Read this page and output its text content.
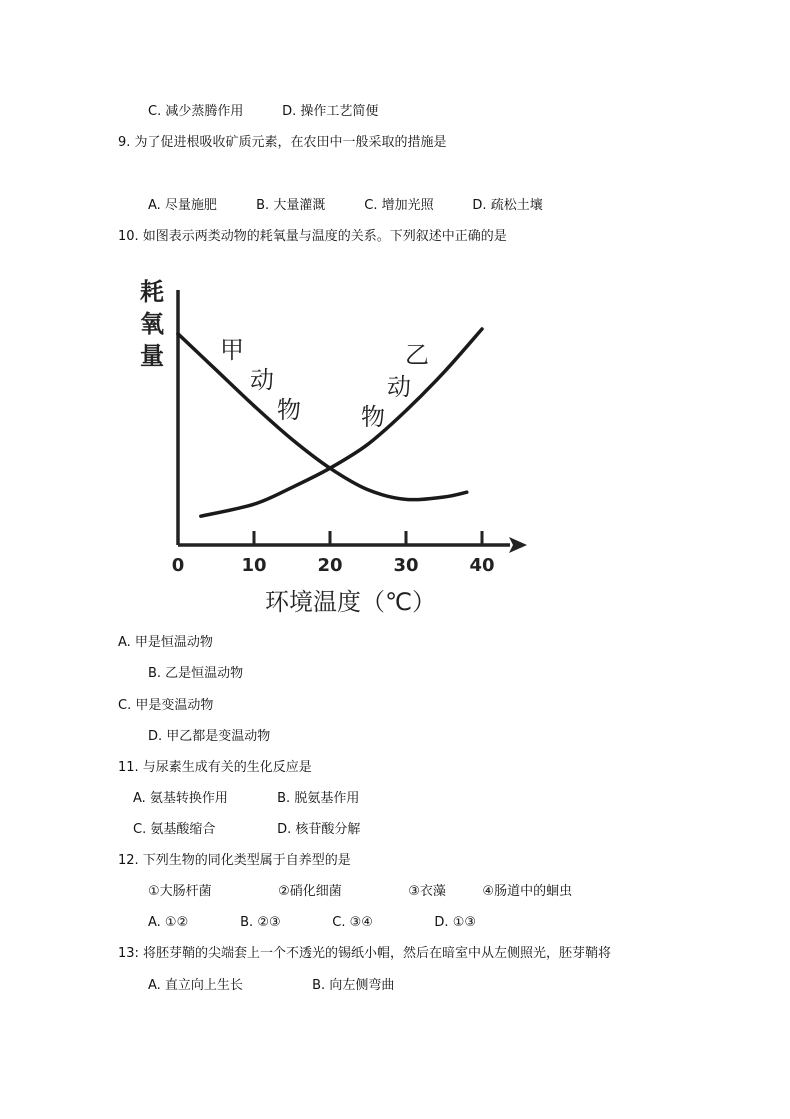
C. 减少蒸腾作用	D. 操作工艺简便
9. 为了促进根吸收矿质元素，在农田中一般采取的措施是
A. 尽量施肥	B. 大量灌溉	C. 增加光照	D. 疏松土壤
10. 如图表示两类动物的耗氧量与温度的关系。下列叙述中正确的是
耗
氧
量
0	10	20	30	40
甲
动
物
乙
动
物
环境温度（℃）
A. 甲是恒温动物
B. 乙是恒温动物
C. 甲是变温动物
D. 甲乙都是变温动物
11. 与尿素生成有关的生化反应是
A. 氨基转换作用	B. 脱氨基作用
C. 氨基酸缩合	D. 核苷酸分解
12. 下列生物的同化类型属于自养型的是
①大肠杆菌	②硝化细菌	③衣藻	④肠道中的蛔虫
A. ①②	B. ②③	C. ③④	D. ①③
13: 将胚芽鞘的尖端套上一个不透光的锡纸小帽，然后在暗室中从左侧照光，胚芽鞘将
A. 直立向上生长	B. 向左侧弯曲
